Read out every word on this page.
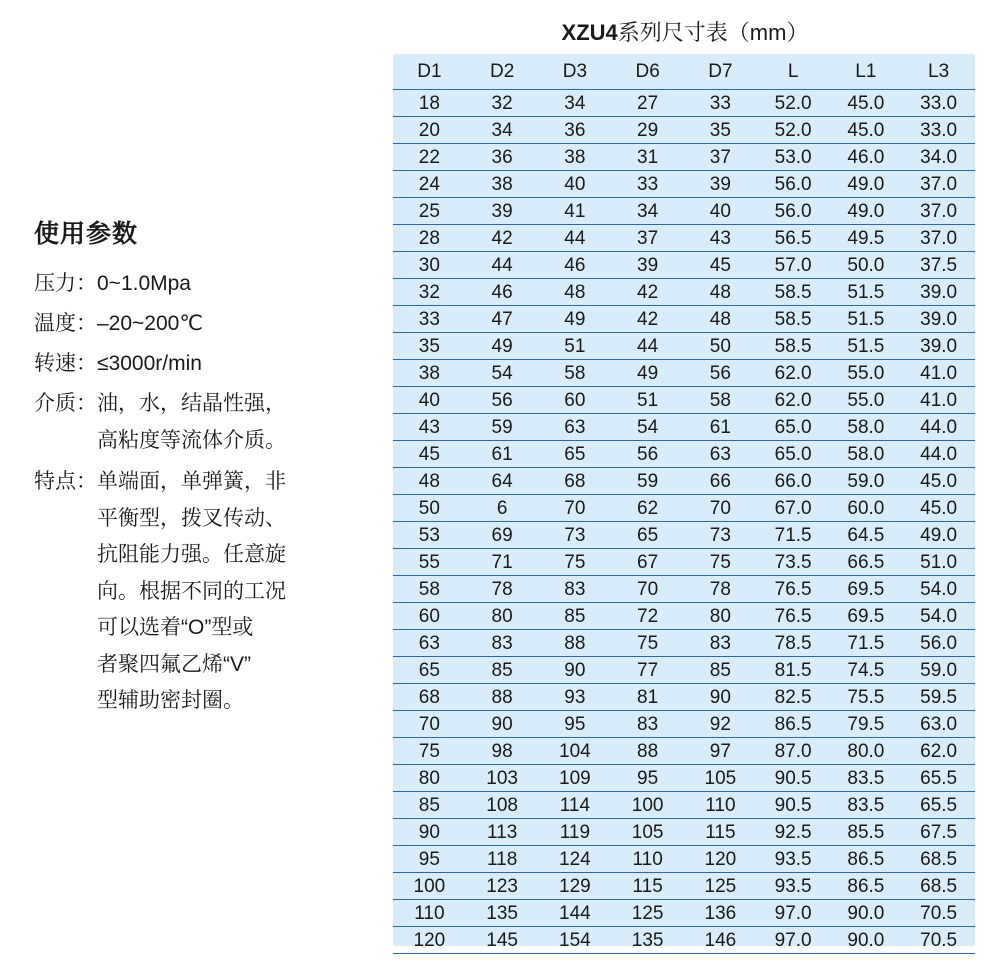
使用参数
压力： 0~1.0Mpa
温度： –20~200℃
转速： ≤3000r/min
介质： 油，水，结晶性强，
高粘度等流体介质。
特点： 单端面，单弹簧，非
平衡型，拨叉传动、
抗阻能力强。任意旋
向。根据不同的工况
可以选着“O”型或
者聚四氟乙烯“V”
型辅助密封圈。
XZU4系列尺寸表（mm）
D1	D2	D3	D6	D7	L	L1	L3
18	32	34	27	33	52.0	45.0	33.0
20	34	36	29	35	52.0	45.0	33.0
22	36	38	31	37	53.0	46.0	34.0
24	38	40	33	39	56.0	49.0	37.0
25	39	41	34	40	56.0	49.0	37.0
28	42	44	37	43	56.5	49.5	37.0
30	44	46	39	45	57.0	50.0	37.5
32	46	48	42	48	58.5	51.5	39.0
33	47	49	42	48	58.5	51.5	39.0
35	49	51	44	50	58.5	51.5	39.0
38	54	58	49	56	62.0	55.0	41.0
40	56	60	51	58	62.0	55.0	41.0
43	59	63	54	61	65.0	58.0	44.0
45	61	65	56	63	65.0	58.0	44.0
48	64	68	59	66	66.0	59.0	45.0
50	6	70	62	70	67.0	60.0	45.0
53	69	73	65	73	71.5	64.5	49.0
55	71	75	67	75	73.5	66.5	51.0
58	78	83	70	78	76.5	69.5	54.0
60	80	85	72	80	76.5	69.5	54.0
63	83	88	75	83	78.5	71.5	56.0
65	85	90	77	85	81.5	74.5	59.0
68	88	93	81	90	82.5	75.5	59.5
70	90	95	83	92	86.5	79.5	63.0
75	98	104	88	97	87.0	80.0	62.0
80	103	109	95	105	90.5	83.5	65.5
85	108	114	100	110	90.5	83.5	65.5
90	113	119	105	115	92.5	85.5	67.5
95	118	124	110	120	93.5	86.5	68.5
100	123	129	115	125	93.5	86.5	68.5
110	135	144	125	136	97.0	90.0	70.5
120	145	154	135	146	97.0	90.0	70.5
